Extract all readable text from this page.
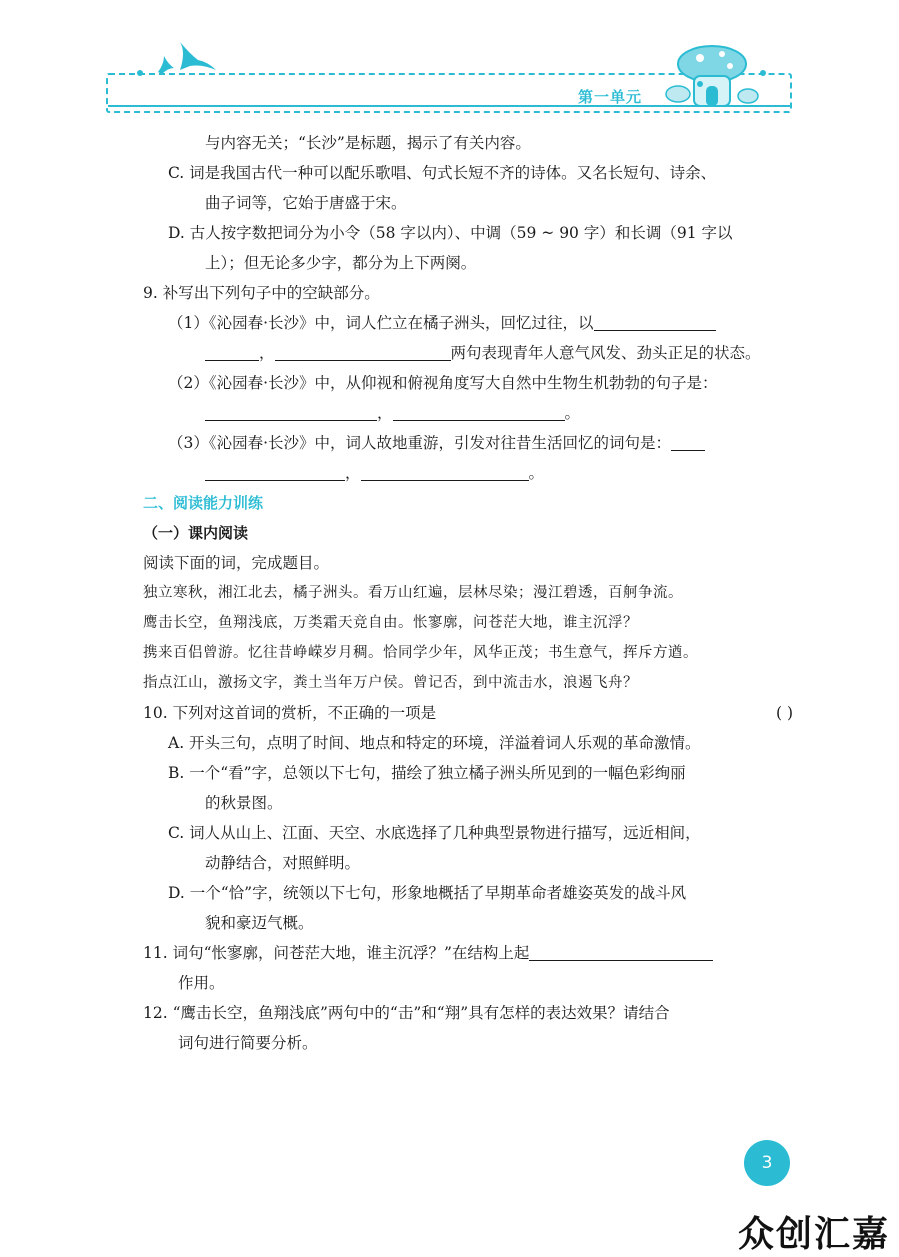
第一单元
与内容无关；“长沙”是标题，揭示了有关内容。
C. 词是我国古代一种可以配乐歌唱、句式长短不齐的诗体。又名长短句、诗余、
曲子词等，它始于唐盛于宋。
D. 古人按字数把词分为小令（58 字以内）、中调（59 ~ 90 字）和长调（91 字以
上）；但无论多少字，都分为上下两阕。
9. 补写出下列句子中的空缺部分。
（1）《沁园春·长沙》中，词人伫立在橘子洲头，回忆过往，以
，	两句表现青年人意气风发、劲头正足的状态。
（2）《沁园春·长沙》中，从仰视和俯视角度写大自然中生物生机勃勃的句子是：
，	。
（3）《沁园春·长沙》中，词人故地重游，引发对往昔生活回忆的词句是：
，	。
二、阅读能力训练
（一）课内阅读
阅读下面的词，完成题目。
独立寒秋，湘江北去，橘子洲头。看万山红遍，层林尽染；漫江碧透，百舸争流。
鹰击长空，鱼翔浅底，万类霜天竞自由。怅寥廓，问苍茫大地，谁主沉浮？
携来百侣曾游。忆往昔峥嵘岁月稠。恰同学少年，风华正茂；书生意气，挥斥方遒。
指点江山，激扬文字，粪土当年万户侯。曾记否，到中流击水，浪遏飞舟？
10. 下列对这首词的赏析，不正确的一项是	( )
A. 开头三句，点明了时间、地点和特定的环境，洋溢着词人乐观的革命激情。
B. 一个“看”字，总领以下七句，描绘了独立橘子洲头所见到的一幅色彩绚丽
的秋景图。
C. 词人从山上、江面、天空、水底选择了几种典型景物进行描写，远近相间，
动静结合，对照鲜明。
D. 一个“恰”字，统领以下七句，形象地概括了早期革命者雄姿英发的战斗风
貌和豪迈气概。
11. 词句“怅寥廓，问苍茫大地，谁主沉浮？”在结构上起
作用。
12. “鹰击长空，鱼翔浅底”两句中的“击”和“翔”具有怎样的表达效果？请结合
词句进行简要分析。
3
众创汇嘉
